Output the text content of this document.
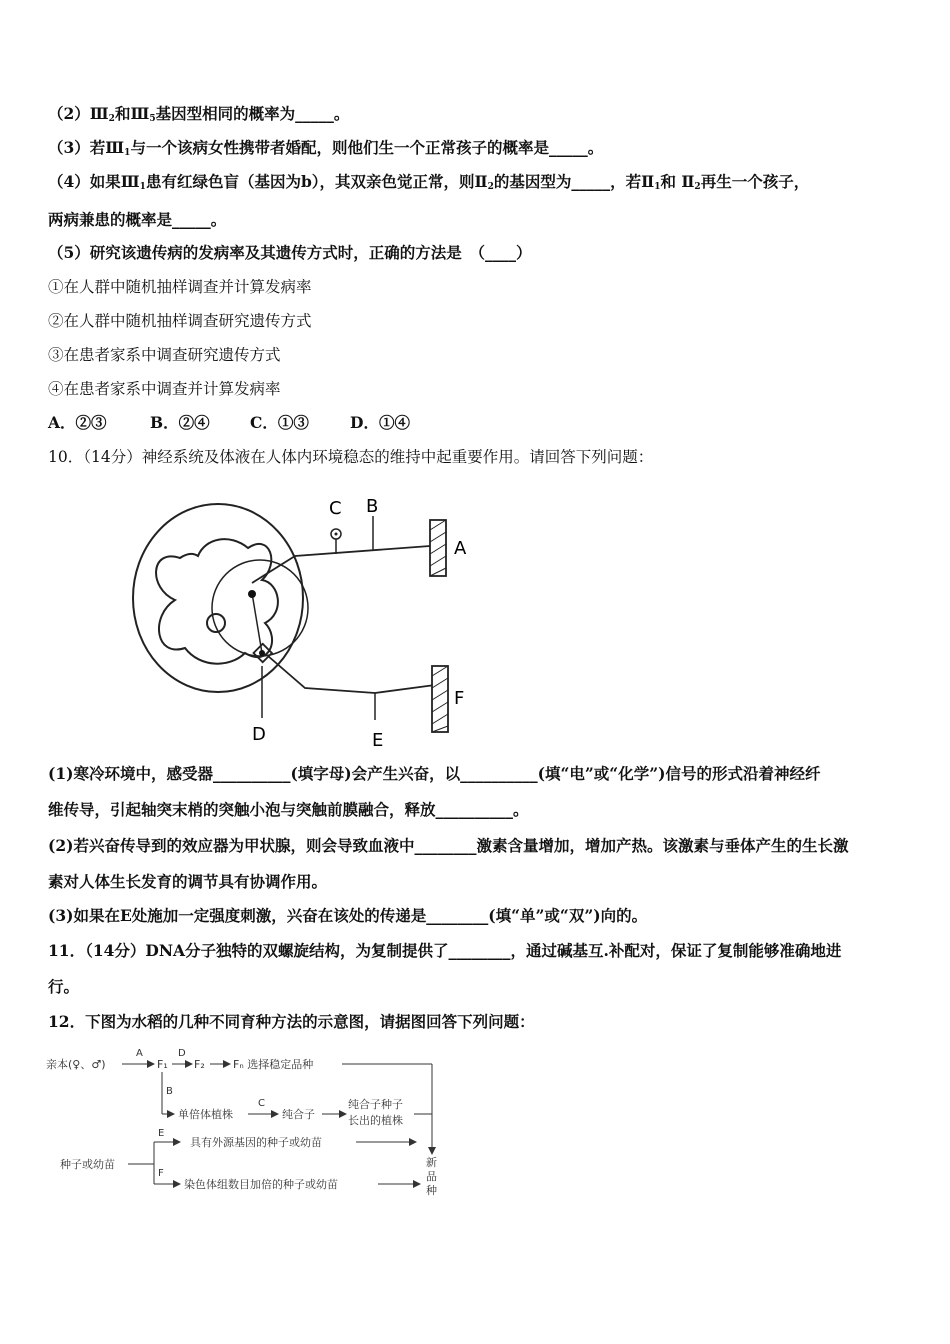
$(2)Ⅲ_2$和$Ⅲ_5$基因型相同的概率为_____。
（3）若$Ⅲ_1$与一个该病女性携带者婚配，则他们生一个正常孩子的概率是_____。
（4）如果$Ⅲ_1$患有红绿色盲（基因为b），其双亲色觉正常，则$Ⅱ_2$的基因型为_____，若$Ⅱ_1$和 $Ⅱ_2$再生一个孩子，
两病兼患的概率是_____。
（5）研究该遗传病的发病率及其遗传方式时，正确的方法是　（____）
①在人群中随机抽样调查并计算发病率
②在人群中随机抽样调查研究遗传方式
③在患者家系中调查研究遗传方式
④在患者家系中调查并计算发病率
A．②③	B．②④	C．①③	D．①④
10．（14分）神经系统及体液在人体内环境稳态的维持中起重要作用。请回答下列问题：
A
B
C
D	E
F
(1)寒冷环境中，感受器__________(填字母)会产生兴奋，以__________(填“电”或“化学”)信号的形式沿着神经纤
维传导，引起轴突末梢的突触小泡与突触前膜融合，释放__________。
(2)若兴奋传导到的效应器为甲状腺，则会导致血液中________激素含量增加，增加产热。该激素与垂体产生的生长激
素对人体生长发育的调节具有协调作用。
(3)如果在E处施加一定强度刺激，兴奋在该处的传递是________(填“单”或“双”)向的。
11．（14分）DNA分子独特的双螺旋结构，为复制提供了________，通过碱基互.补配对，保证了复制能够准确地进
行。
12．下图为水稻的几种不同育种方法的示意图，请据图回答下列问题：
亲本(♀、♂)
A
F₁
D
F₂	Fₙ 选择稳定品种
B
单倍体植株
C
纯合子
纯合子种子
长出的植株
种子或幼苗
E
具有外源基因的种子或幼苗
F
染色体组数目加倍的种子或幼苗
新
品
种
